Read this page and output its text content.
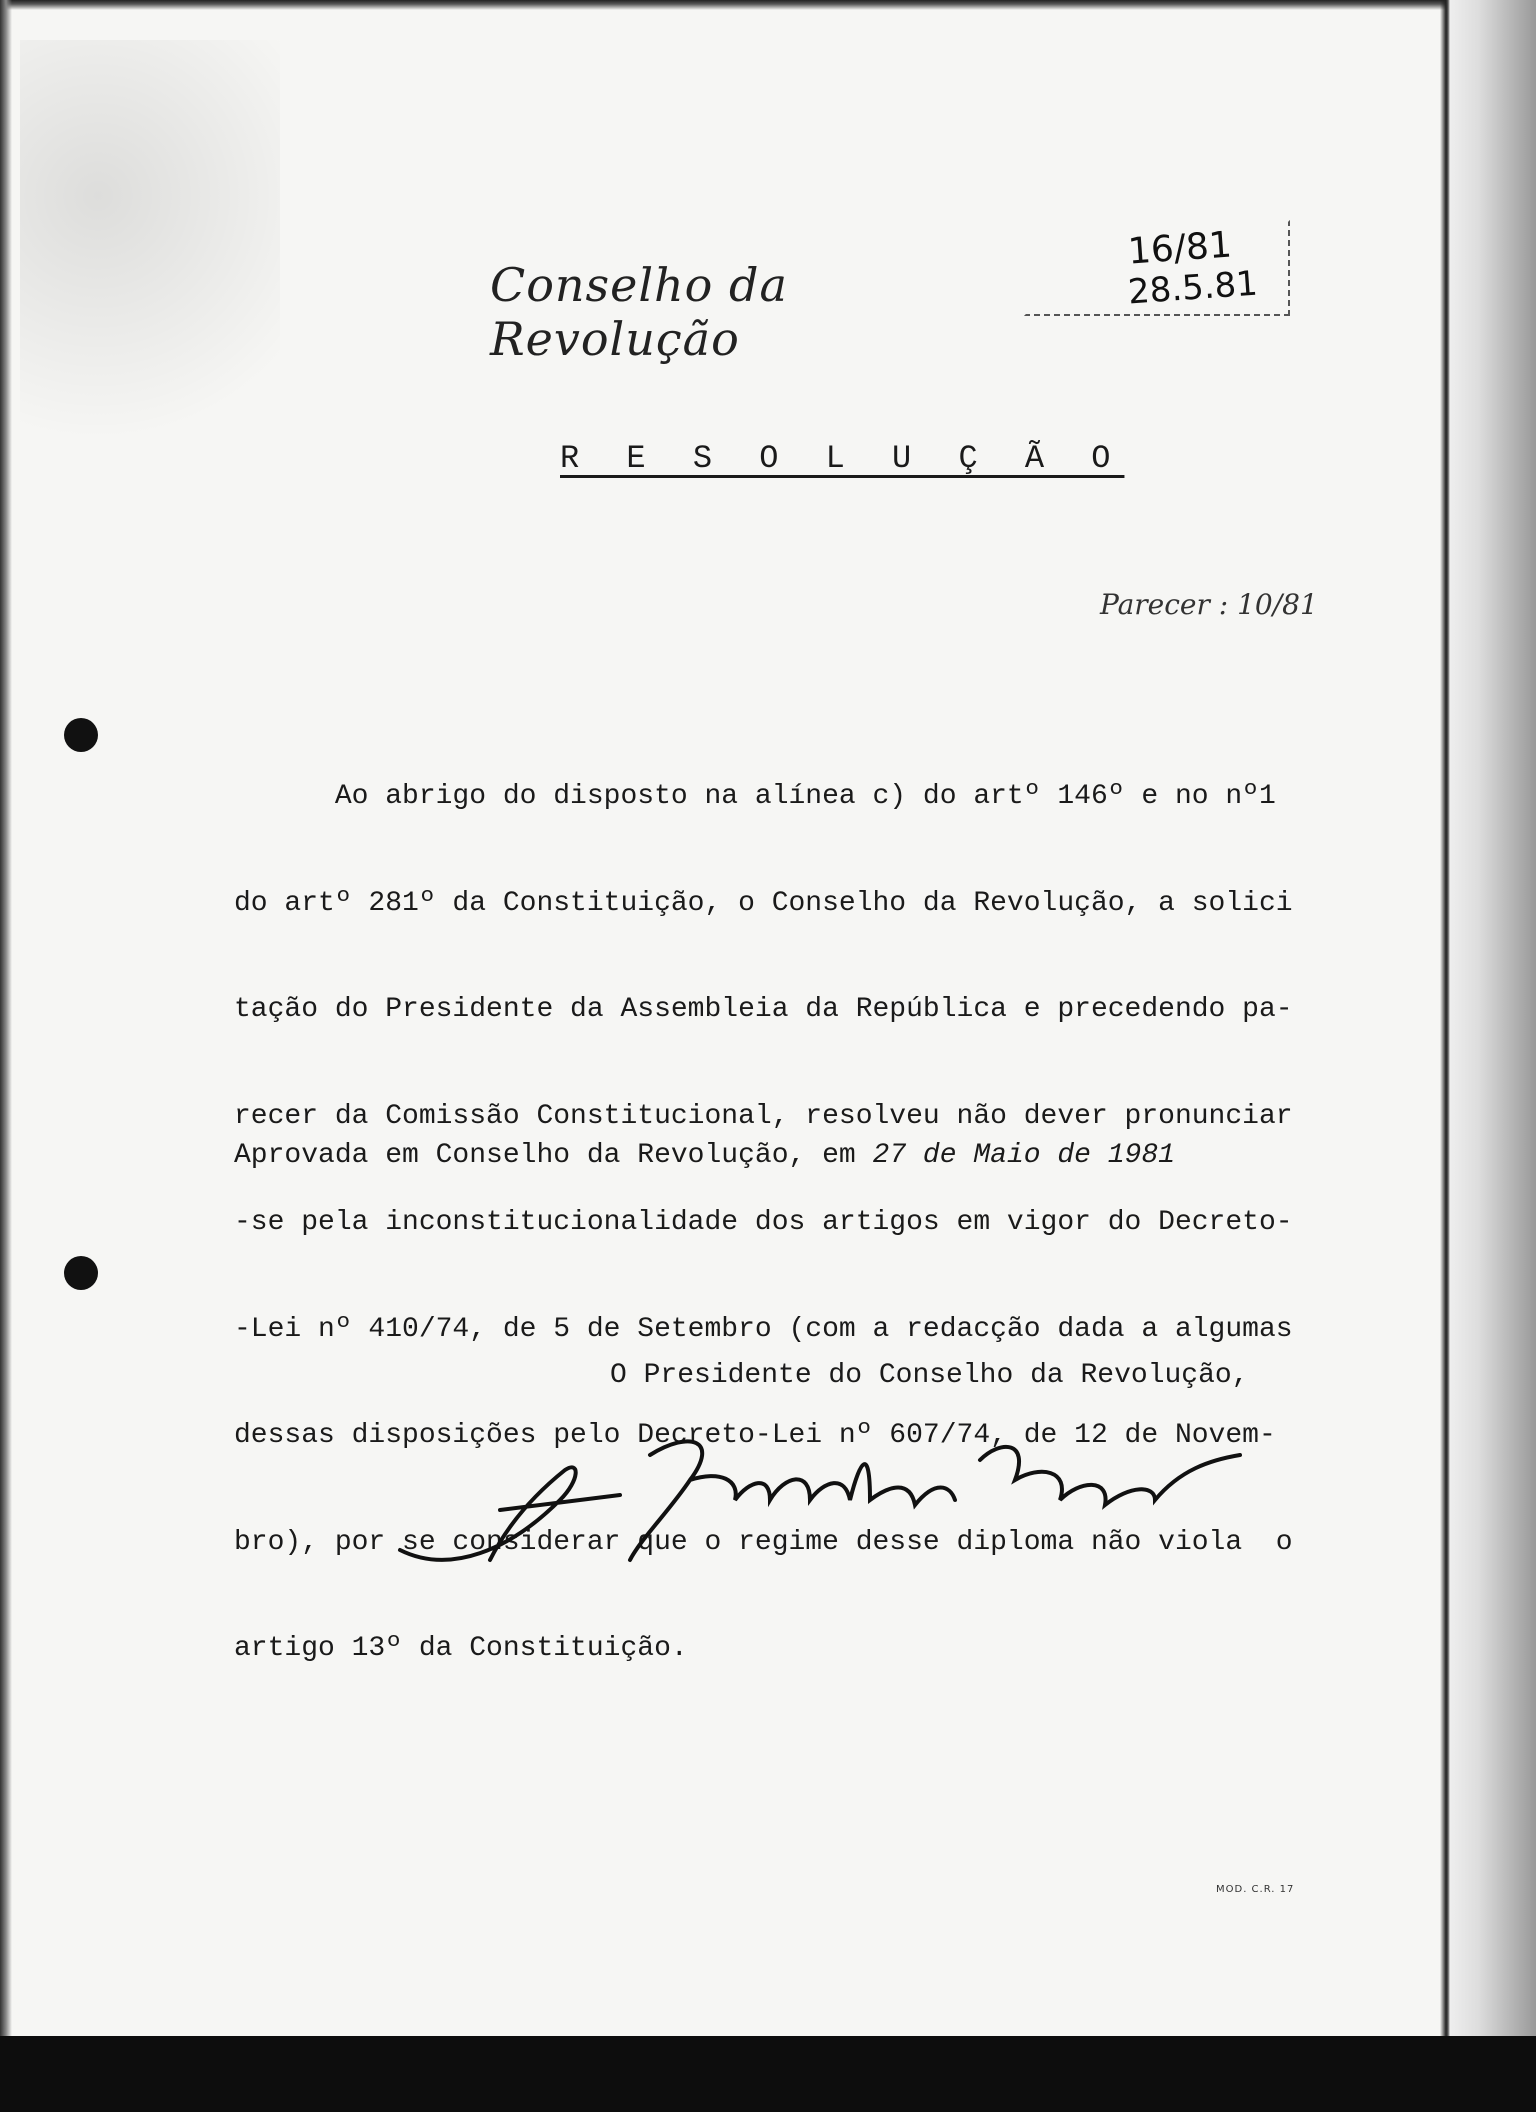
Conselho da Revolução
16/81
28.5.81
R E S O L U Ç Ã O
Parecer : 10/81

Ao abrigo do disposto na alínea c) do artº 146º e no nº1

do artº 281º da Constituição, o Conselho da Revolução, a solici

tação do Presidente da Assembleia da República e precedendo pa-

recer da Comissão Constitucional, resolveu não dever pronunciar

-se pela inconstitucionalidade dos artigos em vigor do Decreto-

-Lei nº 410/74, de 5 de Setembro (com a redacção dada a algumas

dessas disposições pelo Decreto-Lei nº 607/74, de 12 de Novem-

bro), por se considerar que o regime desse diploma não viola  o

artigo 13º da Constituição.

Aprovada em Conselho da Revolução, em 27 de Maio de 1981
O Presidente do Conselho da Revolução,
MOD. C.R. 17
